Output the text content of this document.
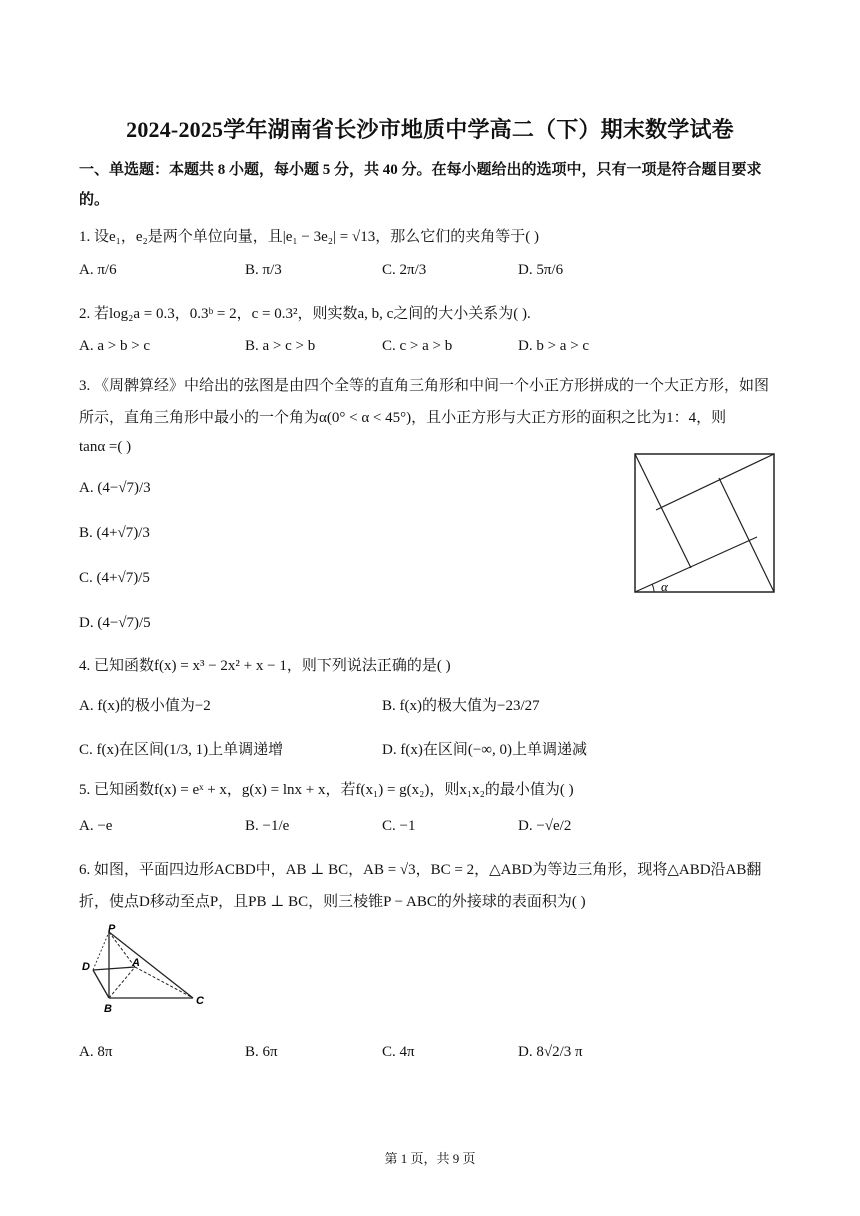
2024-2025学年湖南省长沙市地质中学高二（下）期末数学试卷
一、单选题：本题共 8 小题，每小题 5 分，共 40 分。在每小题给出的选项中，只有一项是符合题目要求
的。
1. 设e₁，e₂是两个单位向量，且|e₁ − 3e₂| = √13，那么它们的夹角等于( )
A. π/6	B. π/3	C. 2π/3	D. 5π/6
2. 若log₂a = 0.3，0.3ᵇ = 2，c = 0.3²，则实数a, b, c之间的大小关系为( ).
A. a > b > c	B. a > c > b	C. c > a > b	D. b > a > c
3. 《周髀算经》中给出的弦图是由四个全等的直角三角形和中间一个小正方形拼成的一个大正方形，如图
所示，直角三角形中最小的一个角为α(0° < α < 45°)，且小正方形与大正方形的面积之比为1：4，则
tanα =( )
A. (4−√7)/3
B. (4+√7)/3
C. (4+√7)/5
D. (4−√7)/5
α
4. 已知函数f(x) = x³ − 2x² + x − 1，则下列说法正确的是( )
A. f(x)的极小值为−2	B. f(x)的极大值为−23/27
C. f(x)在区间(1/3, 1)上单调递增	D. f(x)在区间(−∞, 0)上单调递减
5. 已知函数f(x) = eˣ + x，g(x) = lnx + x，若f(x₁) = g(x₂)，则x₁x₂的最小值为( )
A. −e	B. −1/e	C. −1	D. −√e/2
6. 如图，平面四边形ACBD中，AB ⊥ BC，AB = √3，BC = 2，△ABD为等边三角形，现将△ABD沿AB翻
折，使点D移动至点P，且PB ⊥ BC，则三棱锥P − ABC的外接球的表面积为( )
P
D	A
B
C
A. 8π	B. 6π	C. 4π	D. 8√2/3 π
第 1 页，共 9 页
